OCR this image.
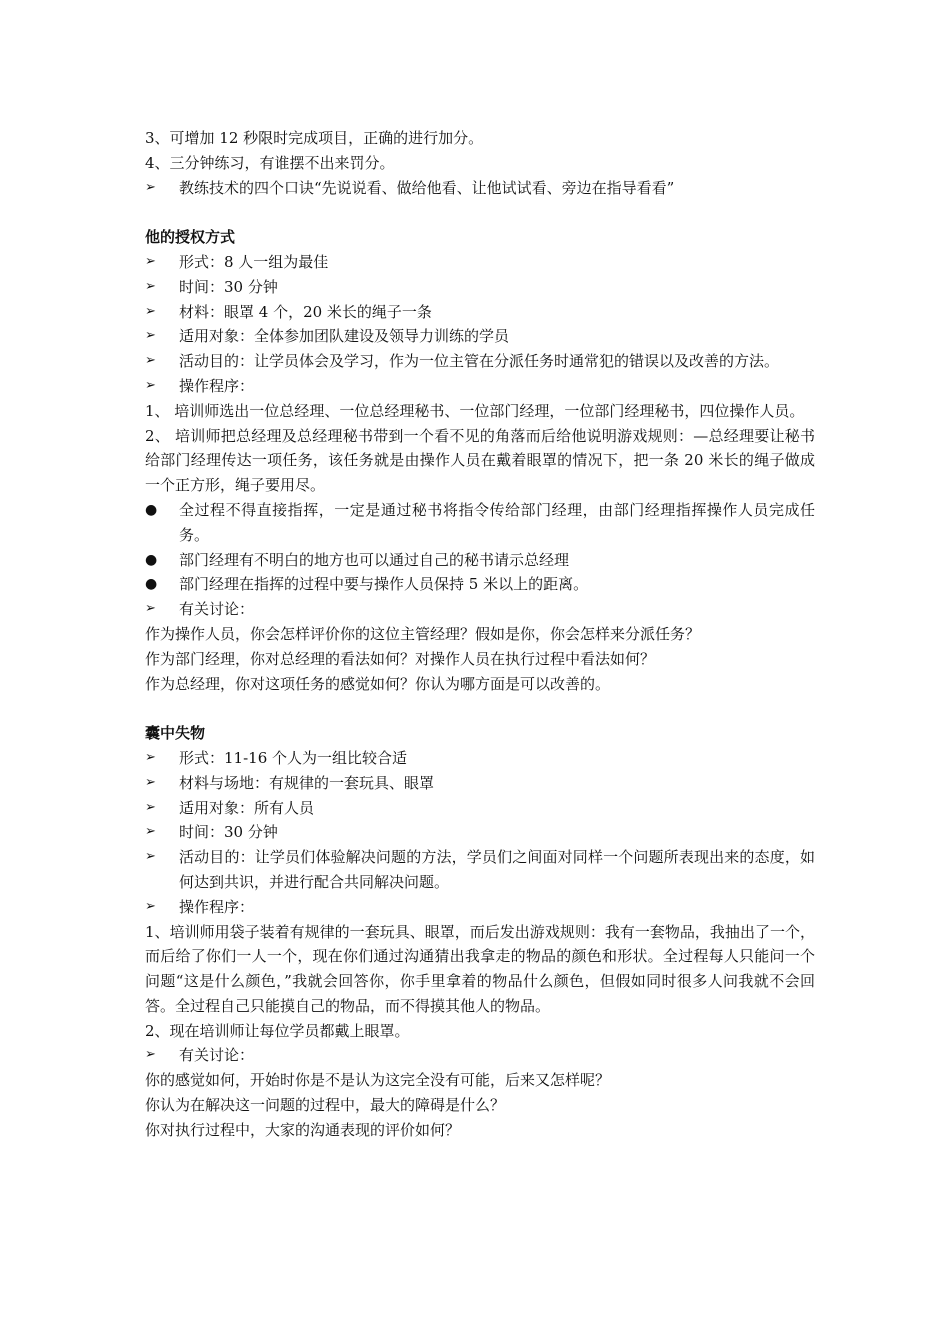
3、可增加 12 秒限时完成项目，正确的进行加分。
4、三分钟练习，有谁摆不出来罚分。
➢	教练技术的四个口诀“先说说看、做给他看、让他试试看、旁边在指导看看”
他的授权方式
➢	形式：8 人一组为最佳
➢	时间：30 分钟
➢	材料：眼罩 4 个，20 米长的绳子一条
➢	适用对象：全体参加团队建设及领导力训练的学员
➢	活动目的：让学员体会及学习，作为一位主管在分派任务时通常犯的错误以及改善的方法。
➢	操作程序：
1、 培训师选出一位总经理、一位总经理秘书、一位部门经理，一位部门经理秘书，四位操作人员。
2、 培训师把总经理及总经理秘书带到一个看不见的角落而后给他说明游戏规则：—总经理要让秘书给部门经理传达一项任务，该任务就是由操作人员在戴着眼罩的情况下，把一条 20 米长的绳子做成一个正方形，绳子要用尽。
●	全过程不得直接指挥，一定是通过秘书将指令传给部门经理，由部门经理指挥操作人员完成任务。
●	部门经理有不明白的地方也可以通过自己的秘书请示总经理
●	部门经理在指挥的过程中要与操作人员保持 5 米以上的距离。
➢	有关讨论：
作为操作人员，你会怎样评价你的这位主管经理？假如是你，你会怎样来分派任务？
作为部门经理，你对总经理的看法如何？对操作人员在执行过程中看法如何？
作为总经理，你对这项任务的感觉如何？你认为哪方面是可以改善的。
囊中失物
➢	形式：11-16 个人为一组比较合适
➢	材料与场地：有规律的一套玩具、眼罩
➢	适用对象：所有人员
➢	时间：30 分钟
➢	活动目的：让学员们体验解决问题的方法，学员们之间面对同样一个问题所表现出来的态度，如何达到共识，并进行配合共同解决问题。
➢	操作程序：
1、培训师用袋子装着有规律的一套玩具、眼罩，而后发出游戏规则：我有一套物品，我抽出了一个，而后给了你们一人一个，现在你们通过沟通猜出我拿走的物品的颜色和形状。全过程每人只能问一个问题“这是什么颜色，”我就会回答你，你手里拿着的物品什么颜色，但假如同时很多人问我就不会回答。全过程自己只能摸自己的物品，而不得摸其他人的物品。
2、现在培训师让每位学员都戴上眼罩。
➢	有关讨论：
你的感觉如何，开始时你是不是认为这完全没有可能，后来又怎样呢？
你认为在解决这一问题的过程中，最大的障碍是什么？
你对执行过程中，大家的沟通表现的评价如何？
